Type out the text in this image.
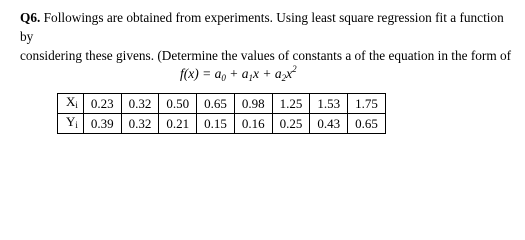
Q6. Followings are obtained from experiments. Using least square regression fit a function by
considering these givens. (Determine the values of constants a of the equation in the form of
$f(x) = a_0 + a_1x + a_2x^2$
$X_i$	0.23	0.32	0.50	0.65	0.98	1.25	1.53	1.75
$Y_i$	0.39	0.32	0.21	0.15	0.16	0.25	0.43	0.65
